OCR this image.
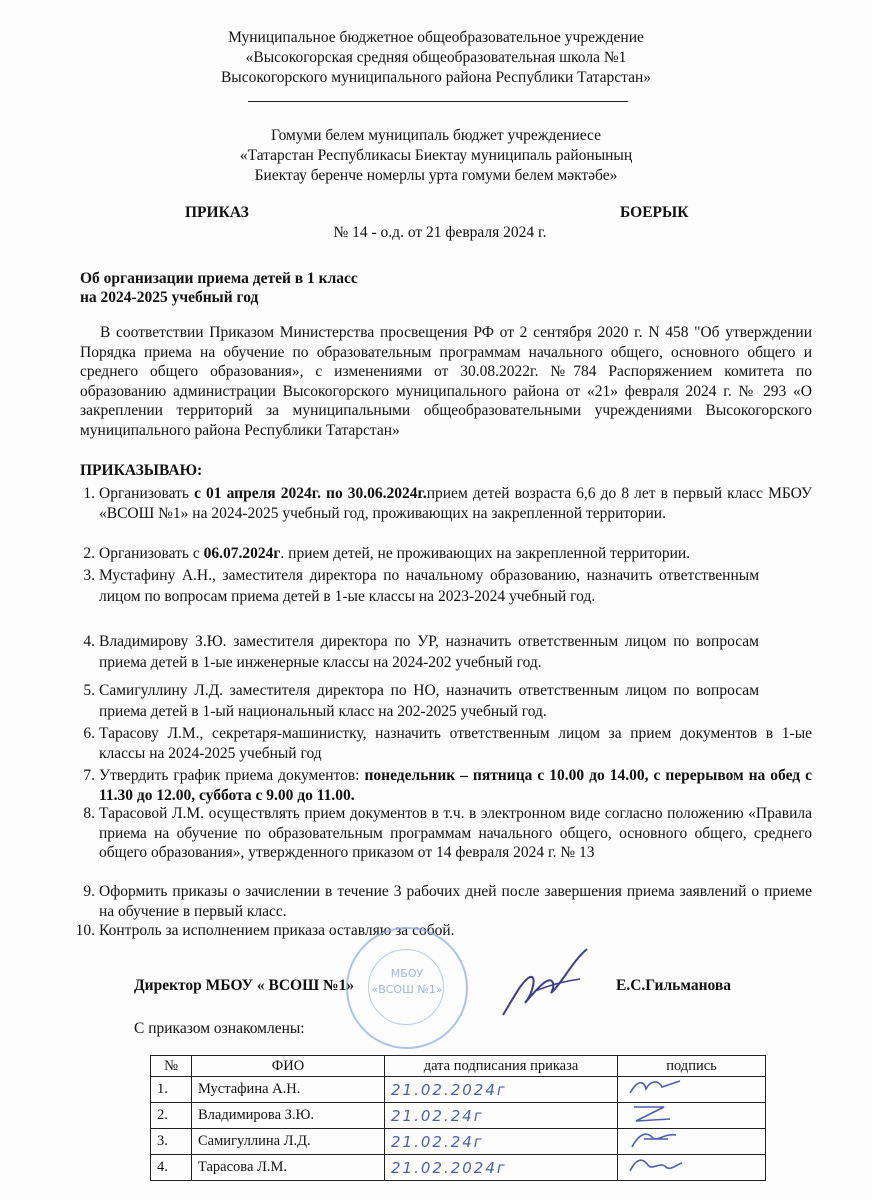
Муниципальное бюджетное общеобразовательное учреждение
«Высокогорская средняя общеобразовательная школа №1
Высокогорского муниципального района Республики Татарстан»
Гомуми белем муниципаль бюджет учреждениесе
«Татарстан Республикасы Биектау муниципаль районының
Биектау беренче номерлы урта гомуми белем мәктәбе»
ПРИКАЗ	БОЕРЫК
№ 14 - о.д. от 21 февраля 2024 г.
Об организации приема детей в 1 класс
на 2024-2025 учебный год
В соответствии Приказом Министерства просвещения РФ от 2 сентября 2020 г. N 458 "Об утверждении Порядка приема на обучение по образовательным программам начального общего, основного общего и среднего общего образования», с изменениями от 30.08.2022г. №784 Распоряжением комитета по образованию администрации Высокогорского муниципального района от «21» февраля 2024 г. № 293 «О закреплении территорий за муниципальными общеобразовательными учреждениями Высокогорского муниципального района Республики Татарстан»
ПРИКАЗЫВАЮ:
1. Организовать с 01 апреля 2024г. по 30.06.2024г.прием детей возраста 6,6 до 8 лет в первый класс МБОУ «ВСОШ №1» на 2024-2025 учебный год, проживающих на закрепленной территории.
2. Организовать с 06.07.2024г. прием детей, не проживающих на закрепленной территории.
3. Мустафину А.Н., заместителя директора по начальному образованию, назначить ответственным лицом по вопросам приема детей в 1-ые классы на 2023-2024 учебный год.
4. Владимирову З.Ю. заместителя директора по УР, назначить ответственным лицом по вопросам приема детей в 1-ые инженерные классы на 2024-202 учебный год.
5. Самигуллину Л.Д. заместителя директора по НО, назначить ответственным лицом по вопросам приема детей в 1-ый национальный класс на 202-2025 учебный год.
6. Тарасову Л.М., секретаря-машинистку, назначить ответственным лицом за прием документов в 1-ые классы на 2024-2025 учебный год
7. Утвердить график приема документов: понедельник – пятница с 10.00 до 14.00, с перерывом на обед с 11.30 до 12.00, суббота с 9.00 до 11.00.
8. Тарасовой Л.М. осуществлять прием документов в т.ч. в электронном виде согласно положению «Правила приема на обучение по образовательным программам начального общего, основного общего, среднего общего образования», утвержденного приказом от 14 февраля 2024 г. № 13
9. Оформить приказы о зачислении в течение 3 рабочих дней после завершения приема заявлений о приеме на обучение в первый класс.
10. Контроль за исполнением приказа оставляю за собой.
МБОУ
«ВСОШ №1»
Директор МБОУ « ВСОШ №1»	Е.С.Гильманова
С приказом ознакомлены:
№	ФИО	дата подписания приказа	подпись
1.	Мустафина А.Н.	21.02.2024г	
2.	Владимирова З.Ю.	21.02.24г	
3.	Самигуллина Л.Д.	21.02.24г	
4.	Тарасова Л.М.	21.02.2024г	
